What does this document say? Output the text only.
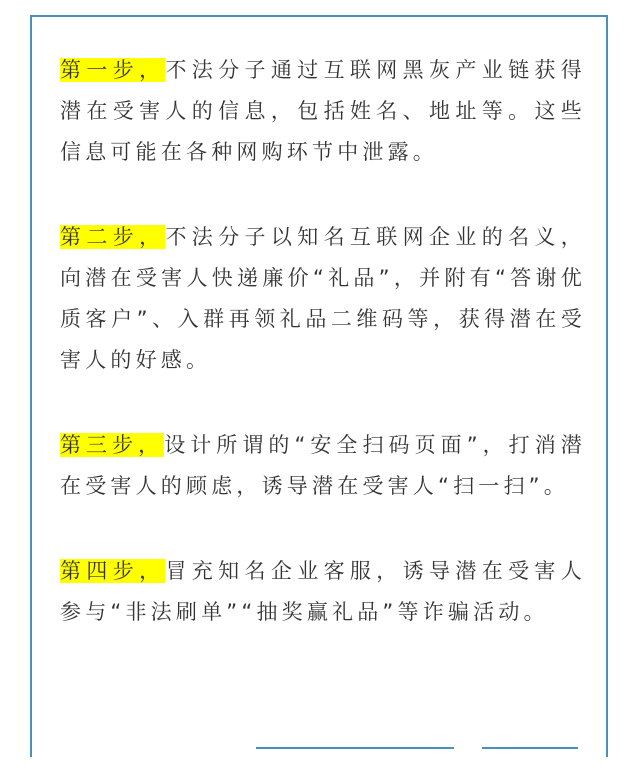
第一步，不法分子通过互联网黑灰产业链获得潜在受害人的信息，包括姓名、地址等。这些信息可能在各种网购环节中泄露。

第二步，不法分子以知名互联网企业的名义，向潜在受害人快递廉价“礼品”，并附有“答谢优质客户”、入群再领礼品二维码等，获得潜在受害人的好感。

第三步，设计所谓的“安全扫码页面”，打消潜在受害人的顾虑，诱导潜在受害人“扫一扫”。

第四步，冒充知名企业客服，诱导潜在受害人参与“非法刷单”“抽奖赢礼品”等诈骗活动。
